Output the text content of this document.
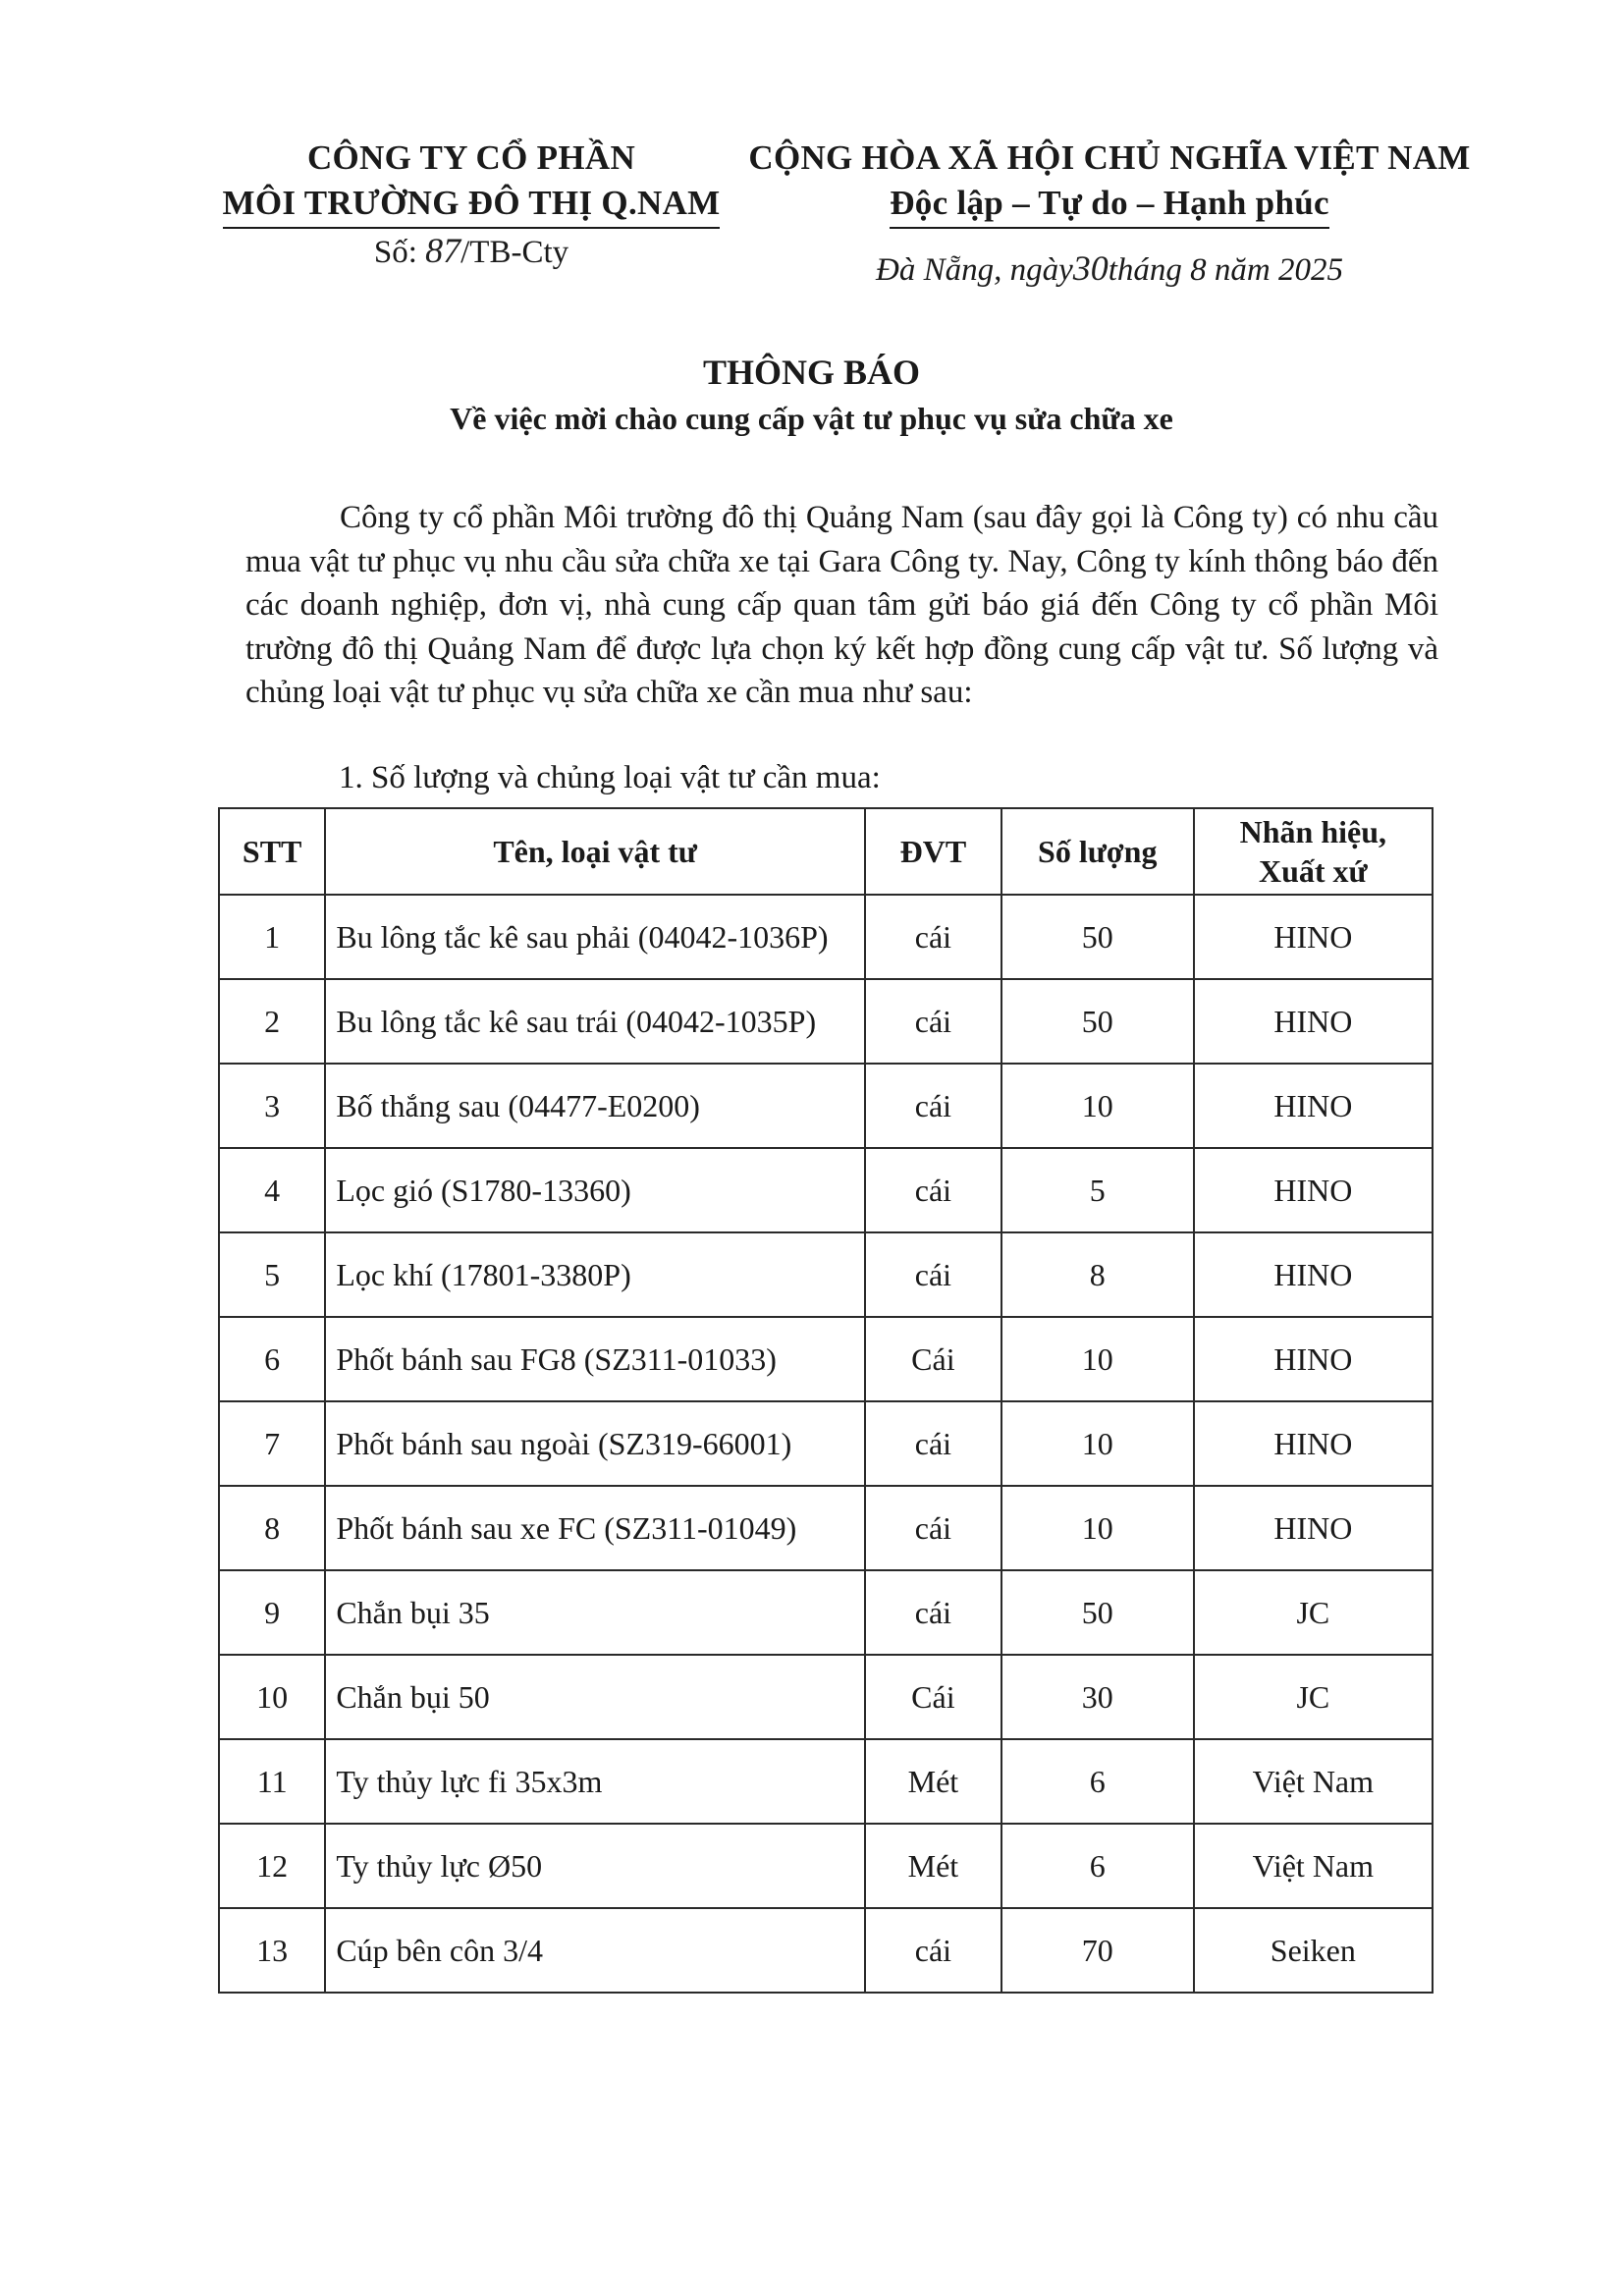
CÔNG TY CỔ PHẦN
MÔI TRƯỜNG ĐÔ THỊ Q.NAM
Số: 87/TB-Cty
CỘNG HÒA XÃ HỘI CHỦ NGHĨA VIỆT NAM
Độc lập – Tự do – Hạnh phúc
Đà Nẵng, ngày30tháng 8 năm 2025
THÔNG BÁO
Về việc mời chào cung cấp vật tư phục vụ sửa chữa xe
Công ty cổ phần Môi trường đô thị Quảng Nam (sau đây gọi là Công ty) có nhu cầu mua vật tư phục vụ nhu cầu sửa chữa xe tại Gara Công ty. Nay, Công ty kính thông báo đến các doanh nghiệp, đơn vị, nhà cung cấp quan tâm gửi báo giá đến Công ty cổ phần Môi trường đô thị Quảng Nam để được lựa chọn ký kết hợp đồng cung cấp vật tư. Số lượng và chủng loại vật tư phục vụ sửa chữa xe cần mua như sau:
1. Số lượng và chủng loại vật tư cần mua:
STT	Tên, loại vật tư	ĐVT	Số lượng	Nhãn hiệu,
Xuất xứ
1	Bu lông tắc kê sau phải (04042-1036P)	cái	50	HINO
2	Bu lông tắc kê sau trái (04042-1035P)	cái	50	HINO
3	Bố thắng sau (04477-E0200)	cái	10	HINO
4	Lọc gió (S1780-13360)	cái	5	HINO
5	Lọc khí (17801-3380P)	cái	8	HINO
6	Phốt bánh sau FG8 (SZ311-01033)	Cái	10	HINO
7	Phốt bánh sau ngoài (SZ319-66001)	cái	10	HINO
8	Phốt bánh sau xe FC (SZ311-01049)	cái	10	HINO
9	Chắn bụi 35	cái	50	JC
10	Chắn bụi 50	Cái	30	JC
11	Ty thủy lực fi 35x3m	Mét	6	Việt Nam
12	Ty thủy lực Ø50	Mét	6	Việt Nam
13	Cúp bên côn 3/4	cái	70	Seiken
